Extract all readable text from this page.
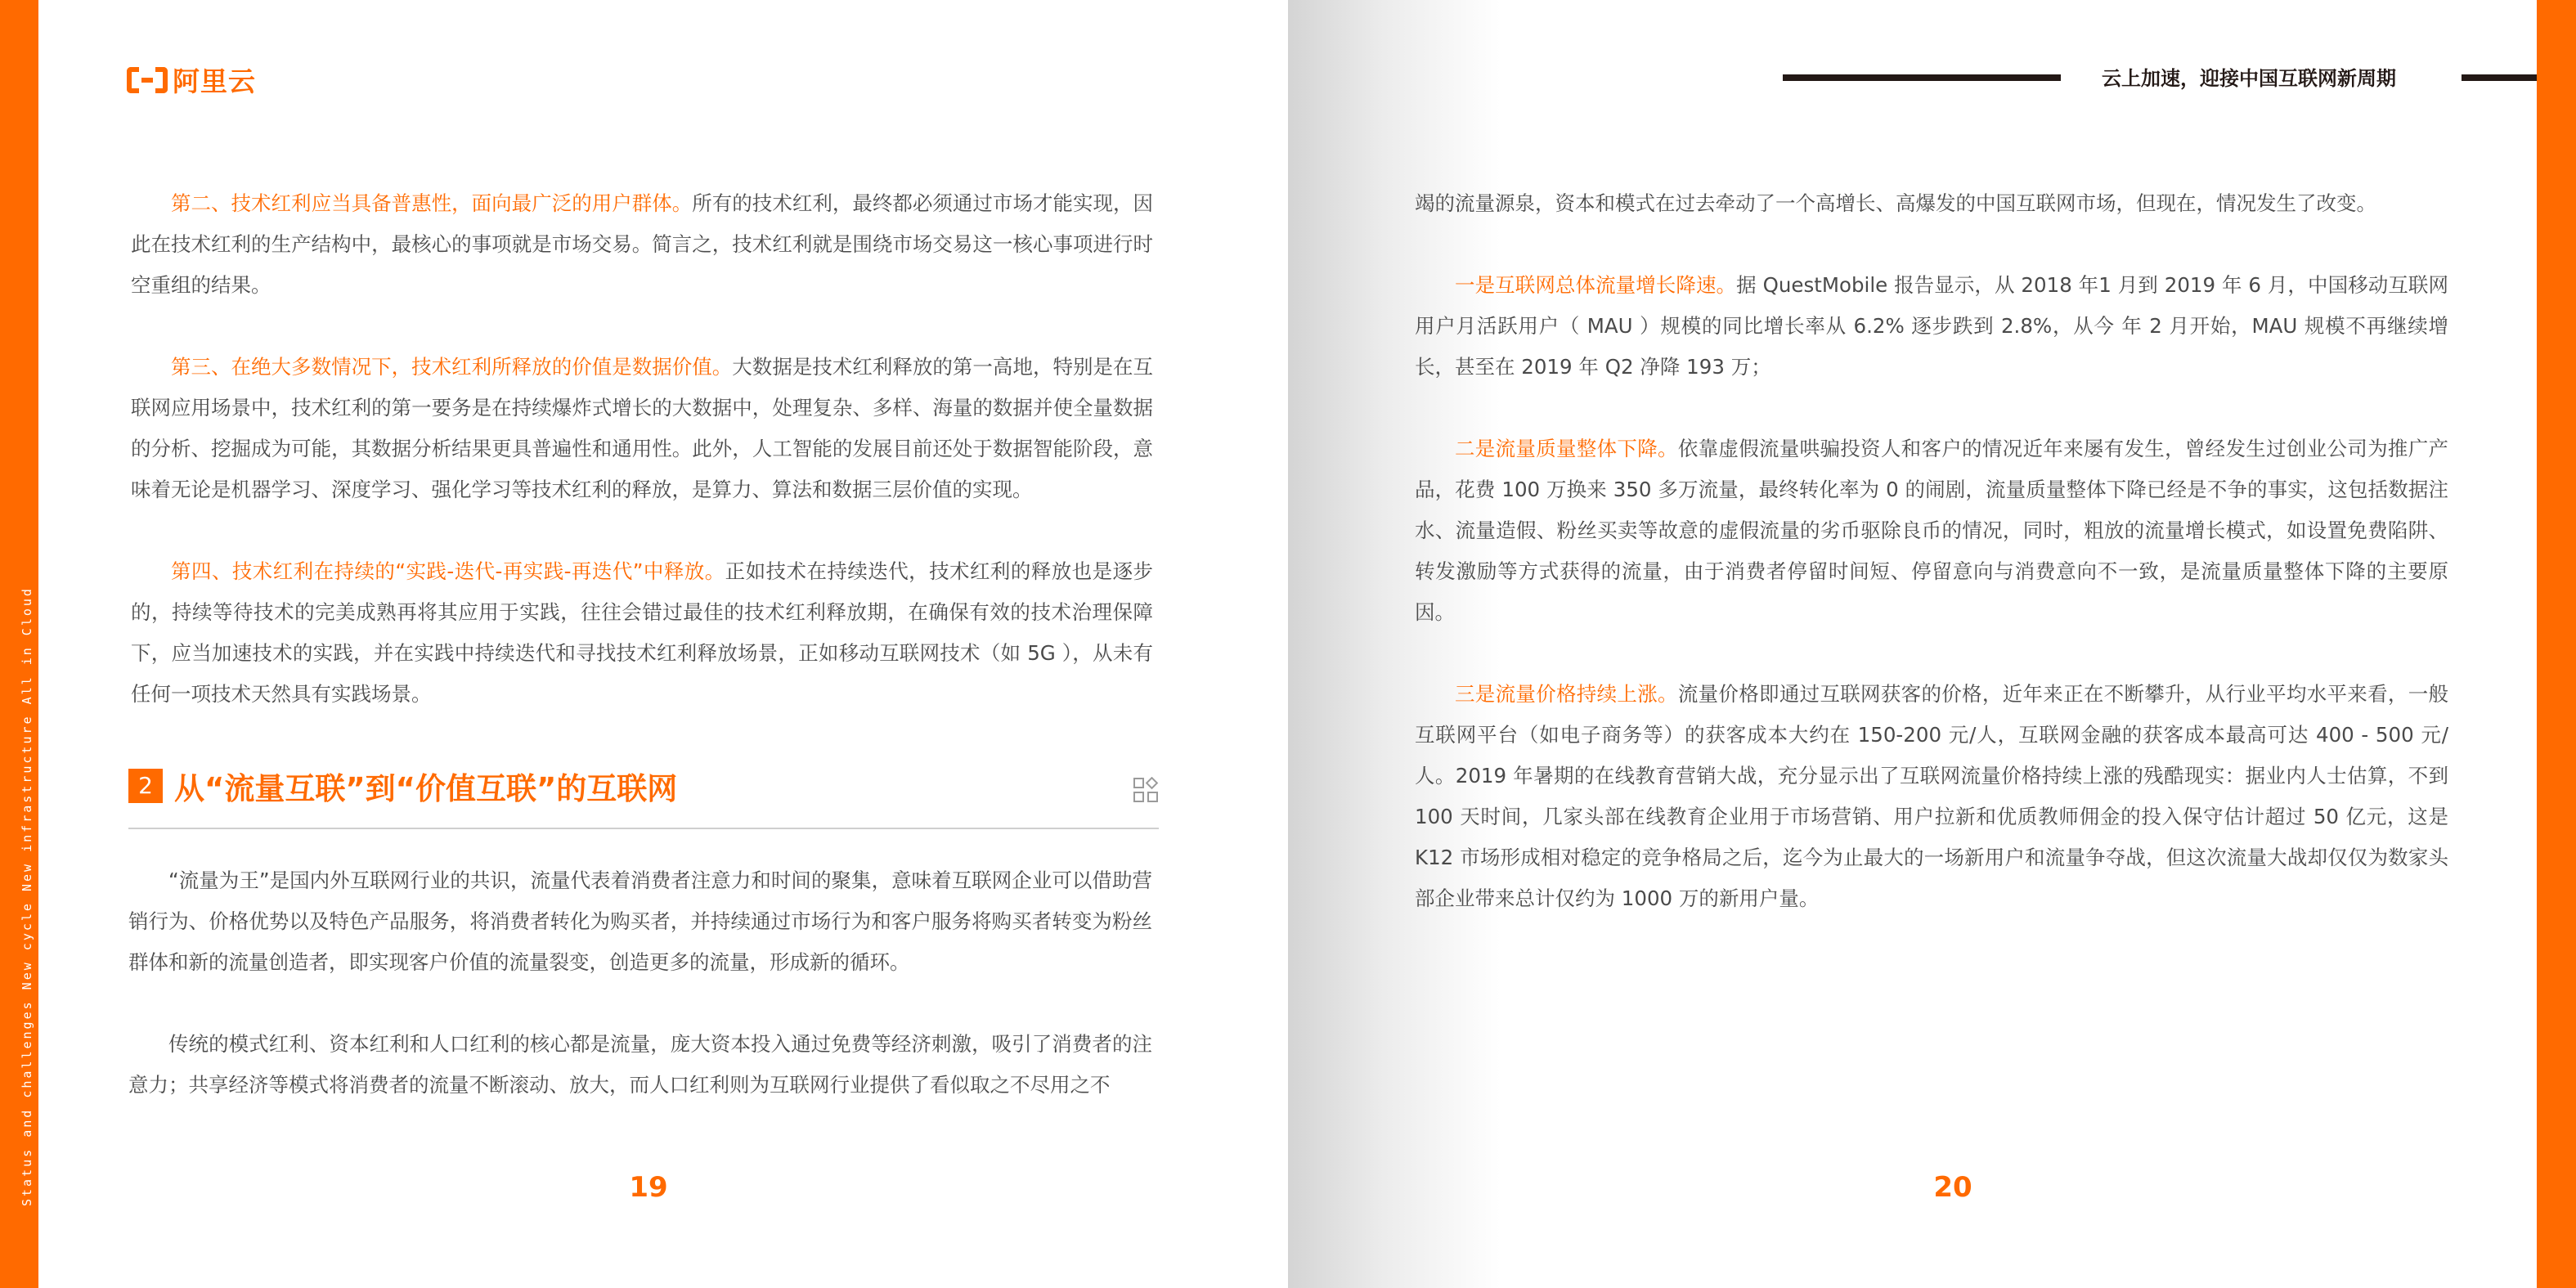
Status and challenges New cycle New infrastructure All in Cloud
阿里云	云上加速，迎接中国互联网新周期

第二、技术红利应当具备普惠性，面向最广泛的用户群体。所有的技术红利，最终都必须通过市场才能实现，因此在技术红利的生产结构中，最核心的事项就是市场交易。简言之，技术红利就是围绕市场交易这一核心事项进行时空重组的结果。

第三、在绝大多数情况下，技术红利所释放的价值是数据价值。大数据是技术红利释放的第一高地，特别是在互联网应用场景中，技术红利的第一要务是在持续爆炸式增长的大数据中，处理复杂、多样、海量的数据并使全量数据的分析、挖掘成为可能，其数据分析结果更具普遍性和通用性。此外，人工智能的发展目前还处于数据智能阶段，意味着无论是机器学习、深度学习、强化学习等技术红利的释放，是算力、算法和数据三层价值的实现。

第四、技术红利在持续的“实践-迭代-再实践-再迭代”中释放。正如技术在持续迭代，技术红利的释放也是逐步的，持续等待技术的完美成熟再将其应用于实践，往往会错过最佳的技术红利释放期，在确保有效的技术治理保障下，应当加速技术的实践，并在实践中持续迭代和寻找技术红利释放场景，正如移动互联网技术（如 5G ），从未有任何一项技术天然具有实践场景。

2 从“流量互联”到“价值互联”的互联网

“流量为王”是国内外互联网行业的共识，流量代表着消费者注意力和时间的聚集，意味着互联网企业可以借助营销行为、价格优势以及特色产品服务，将消费者转化为购买者，并持续通过市场行为和客户服务将购买者转变为粉丝群体和新的流量创造者，即实现客户价值的流量裂变，创造更多的流量，形成新的循环。

传统的模式红利、资本红利和人口红利的核心都是流量，庞大资本投入通过免费等经济刺激，吸引了消费者的注意力；共享经济等模式将消费者的流量不断滚动、放大，而人口红利则为互联网行业提供了看似取之不尽用之不

19

竭的流量源泉，资本和模式在过去牵动了一个高增长、高爆发的中国互联网市场，但现在，情况发生了改变。

一是互联网总体流量增长降速。据 QuestMobile 报告显示，从 2018 年1 月到 2019 年 6 月，中国移动互联网用户月活跃用户（ MAU ）规模的同比增长率从 6.2% 逐步跌到 2.8%，从今 年 2 月开始，MAU 规模不再继续增长，甚至在 2019 年 Q2 净降 193 万；

二是流量质量整体下降。依靠虚假流量哄骗投资人和客户的情况近年来屡有发生，曾经发生过创业公司为推广产品，花费 100 万换来 350 多万流量，最终转化率为 0 的闹剧，流量质量整体下降已经是不争的事实，这包括数据注水、流量造假、粉丝买卖等故意的虚假流量的劣币驱除良币的情况，同时，粗放的流量增长模式，如设置免费陷阱、转发激励等方式获得的流量，由于消费者停留时间短、停留意向与消费意向不一致，是流量质量整体下降的主要原因。

三是流量价格持续上涨。流量价格即通过互联网获客的价格，近年来正在不断攀升，从行业平均水平来看，一般互联网平台（如电子商务等）的获客成本大约在 150-200 元/人，互联网金融的获客成本最高可达 400 - 500 元/人。2019 年暑期的在线教育营销大战，充分显示出了互联网流量价格持续上涨的残酷现实：据业内人士估算，不到 100 天时间，几家头部在线教育企业用于市场营销、用户拉新和优质教师佣金的投入保守估计超过 50 亿元，这是 K12 市场形成相对稳定的竞争格局之后，迄今为止最大的一场新用户和流量争夺战，但这次流量大战却仅仅为数家头部企业带来总计仅约为 1000 万的新用户量。

20
